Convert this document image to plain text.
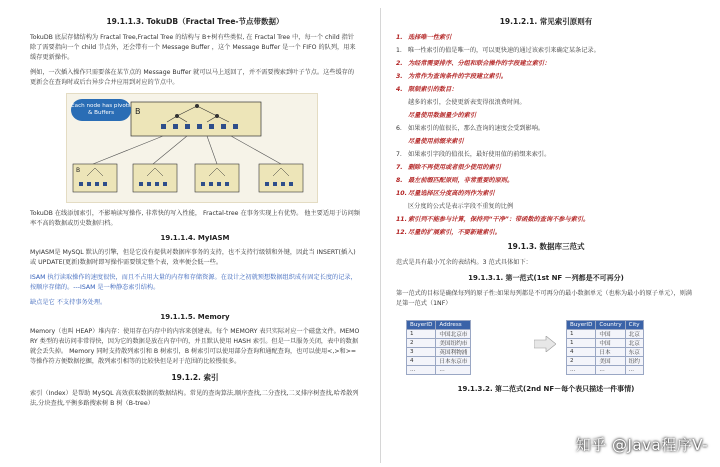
19.1.1.3. TokuDB（Fractal Tree-节点带数据）
TokuDB 底层存储结构为 Fractal Tree,Fractal Tree 的结构与 B+树有些类似, 在 Fractal Tree 中，每一个 child 指针除了需要指向一个 child 节点外，还会带有一个 Message Buffer ，这个 Message Buffer 是一个 FIFO 的队列，用来缓存更新操作。
例如，一次插入操作只需要落在某节点的 Message Buffer 就可以马上返回了，并不需要搜索到叶子节点。这些缓存的更新会在查询时或后台异步合并应用到对应的节点中。
B
B
Each node has pivots & Buffers
TokuDB 在线添加索引，不影响读写操作, 非常快的写入性能， Fractal-tree 在事务实现上有优势。 他主要适用于访问频率不高的数据或历史数据归档。
19.1.1.4. MyIASM
MyIASM是 MySQL 默认的引擎，但是它没有提供对数据库事务的支持，也不支持行级锁和外键，因此当 INSERT(插入)或 UPDATE(更新)数据时即写操作需要锁定整个表，效率便会低一些。
ISAM 执行读取操作的速度很快，而且不占用大量的内存和存储资源。在设计之初就预想数据组织成有固定长度的记录，按顺序存储的。---ISAM 是一种静态索引结构。
缺点是它 不支持事务处理。
19.1.1.5. Memory
Memory（也叫 HEAP）堆内存：使用存在内存中的内容来创建表。每个 MEMORY 表只实际对应一个磁盘文件。MEMORY 类型的表访问非常得快，因为它的数据是放在内存中的，并且默认使用 HASH 索引。但是一旦服务关闭，表中的数据就会丢失掉。 Memory 同时支持散列索引和 B 树索引，B 树索引可以使用部分查询和通配查询，也可以使用<,>和>=等操作符方便数据挖掘，散列索引相等的比较快但是对于范围的比较慢很多。
19.1.2. 索引
索引（Index）是帮助 MySQL 高效获取数据的数据结构。常见的查询算法,顺序查找,二分查找,二叉排序树查找,哈希散列法,分块查找,平衡多路搜索树 B 树（B-tree）
19.1.2.1. 常见索引原则有
1. 选择唯一性索引
1. 唯一性索引的值是唯一的，可以更快速的通过该索引来确定某条记录。
2. 为经常需要排序、分组和联合操作的字段建立索引：
3. 为常作为查询条件的字段建立索引。
4. 限制索引的数目：
越多的索引，会使更新表变得很浪费时间。
尽量使用数据量少的索引
6. 如果索引的值很长，那么查询的速度会受到影响。
尽量使用前缀来索引
7. 如果索引字段的值很长，最好使用值的前缀来索引。
7. 删除不再使用或者很少使用的索引
8. 最左前缀匹配原则，非常重要的原则。
10.尽量选择区分度高的列作为索引
区分度的公式是表示字段不重复的比例
11.索引列不能参与计算，保持列“干净”：带函数的查询不参与索引。
12.尽量的扩展索引，不要新建索引。
19.1.3. 数据库三范式
范式是具有最小冗余的表结构。3 范式具体如下：
19.1.3.1. 第一范式(1st NF －列都是不可再分)
第一范式的目标是确保每列的原子性:如果每列都是不可再分的最小数据单元（也称为最小的原子单元），则满足第一范式（1NF）
BuyerID	Address
1	中国北京市
2	美国纽约市
3	英国利物浦
4	日本东京市
...	...
BuyerID	Country	City
1	中国	北京
1	中国	北京
4	日本	东京
2	美国	纽约
...	...	...
19.1.3.2. 第二范式(2nd NF－每个表只描述一件事情)
知乎 @Java程序V-
